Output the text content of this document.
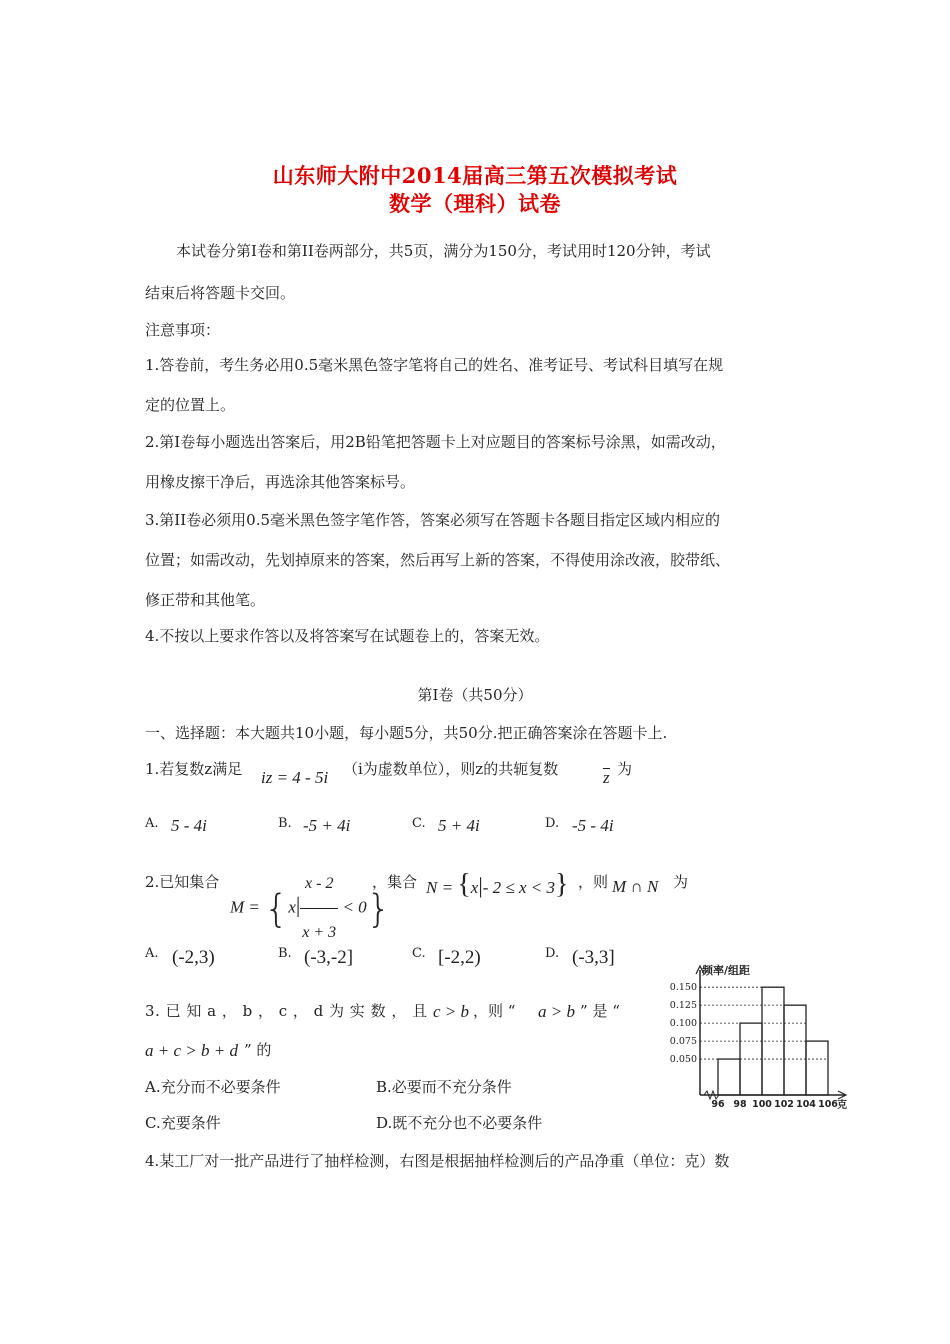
山东师大附中2014届高三第五次模拟考试
数学（理科）试卷
本试卷分第I卷和第II卷两部分，共5页，满分为150分，考试用时120分钟，考试
结束后将答题卡交回。
注意事项：
1.答卷前，考生务必用0.5毫米黑色签字笔将自己的姓名、准考证号、考试科目填写在规
定的位置上。
2.第I卷每小题选出答案后，用2B铅笔把答题卡上对应题目的答案标号涂黑，如需改动，
用橡皮擦干净后，再选涂其他答案标号。
3.第II卷必须用0.5毫米黑色签字笔作答，答案必须写在答题卡各题目指定区域内相应的
位置；如需改动，先划掉原来的答案，然后再写上新的答案，不得使用涂改液，胶带纸、
修正带和其他笔。
4.不按以上要求作答以及将答案写在试题卷上的，答案无效。
第I卷（共50分）
一、选择题：本大题共10小题，每小题5分，共50分.把正确答案涂在答题卡上.
1.若复数z满足 iz = 4 - 5i （i为虚数单位），则z的共轭复数	z 为
A. 5 - 4i	B. -5 + 4i	C. 5 + 4i	D. -5 - 4i
2.已知集合
$M = \{x| \frac{x - 2}{x + 3} < 0\}$
，集合 N = {x|- 2 ≤ x < 3} ，则 M ∩ N 为
A. (-2,3)	B. (-3,-2]	C. [-2,2)	D. (-3,3]
3. 已 知 a ， b ， c ， d 为 实 数 ， 且 c > b ，则 “ a > b ” 是 “
a + c > b + d ” 的
A.充分而不必要条件	B.必要而不充分条件
C.充要条件	D.既不充分也不必要条件
4.某工厂对一批产品进行了抽样检测，右图是根据抽样检测后的产品净重（单位：克）数
频率/组距
0.150
0.125
0.100
0.075
0.050
96 98 100 102 104 106 克
